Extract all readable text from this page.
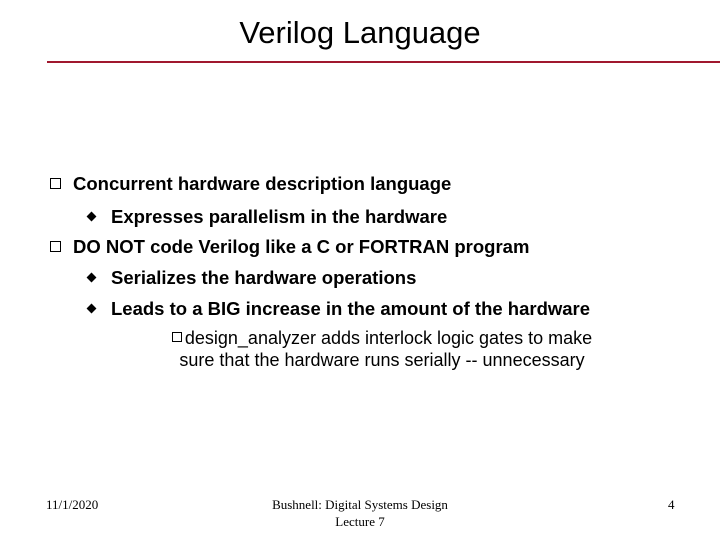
Verilog Language
Concurrent hardware description language
Expresses parallelism in the hardware
DO NOT code Verilog like a C or FORTRAN program
Serializes the hardware operations
Leads to a BIG increase in the amount of the hardware
design_analyzer adds interlock logic gates to make
sure that the hardware runs serially -- unnecessary
11/1/2020	Bushnell: Digital Systems Design
Lecture 7
4
